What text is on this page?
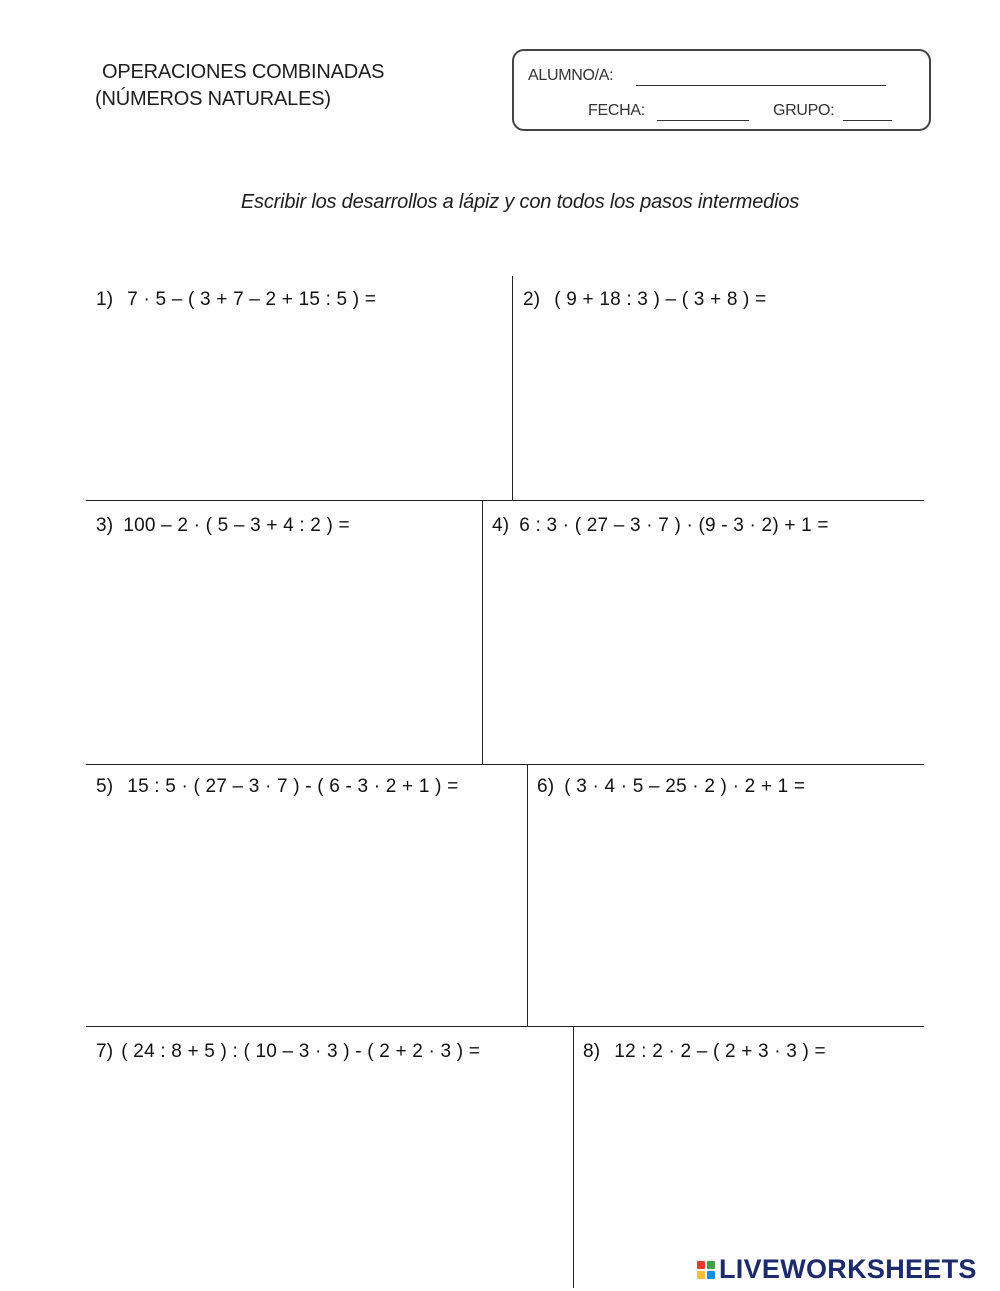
OPERACIONES COMBINADAS
(NÚMEROS NATURALES)
ALUMNO/A:
FECHA:	GRUPO:
Escribir los desarrollos a lápiz y con todos los pasos intermedios
1) 7 · 5 – ( 3 + 7 – 2 + 15 : 5 ) =	2) ( 9 + 18 : 3 ) – ( 3 + 8 ) =
3) 100 – 2 · ( 5 – 3 + 4 : 2 ) =	4) 6 : 3 · ( 27 – 3 · 7 ) · (9 - 3 · 2) + 1 =
5) 15 : 5 · ( 27 – 3 · 7 ) - ( 6 - 3 · 2 + 1 ) =	6) ( 3 · 4 · 5 – 25 · 2 ) · 2 + 1 =
7) ( 24 : 8 + 5 ) : ( 10 – 3 · 3 ) - ( 2 + 2 · 3 ) =	8) 12 : 2 · 2 – ( 2 + 3 · 3 ) =
LIVEWORKSHEETS
